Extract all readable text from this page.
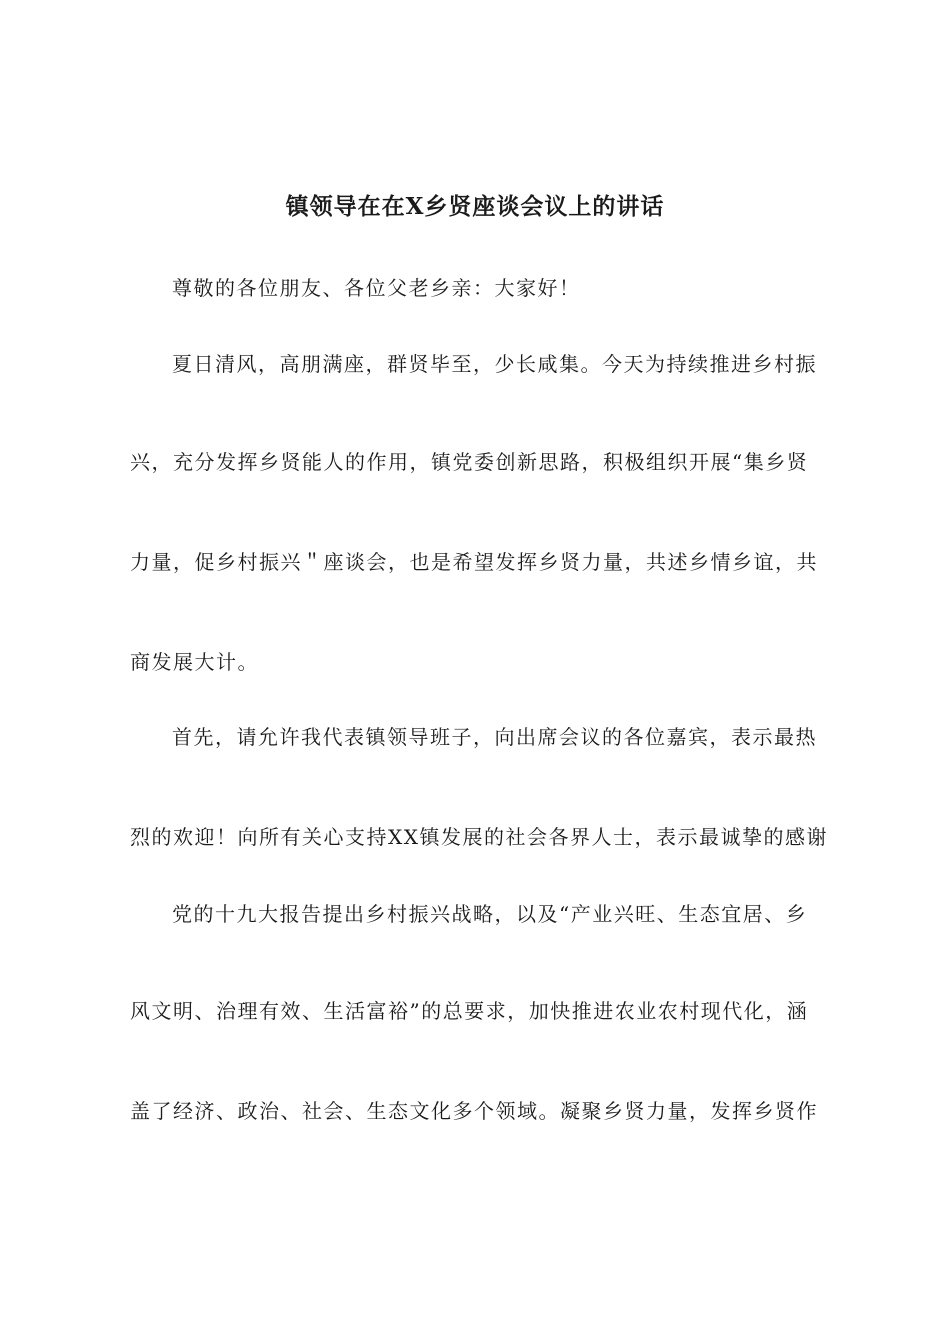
镇领导在在X乡贤座谈会议上的讲话
尊敬的各位朋友、各位父老乡亲：大家好！
夏日清风，高朋满座，群贤毕至，少长咸集。今天为持续推进乡村振
兴，充分发挥乡贤能人的作用，镇党委创新思路，积极组织开展“集乡贤
力量，促乡村振兴＂座谈会，也是希望发挥乡贤力量，共述乡情乡谊，共
商发展大计。
首先，请允许我代表镇领导班子，向出席会议的各位嘉宾，表示最热
烈的欢迎！向所有关心支持XX镇发展的社会各界人士，表示最诚挚的感谢
党的十九大报告提出乡村振兴战略，以及“产业兴旺、生态宜居、乡
风文明、治理有效、生活富裕”的总要求，加快推进农业农村现代化，涵
盖了经济、政治、社会、生态文化多个领域。凝聚乡贤力量，发挥乡贤作
